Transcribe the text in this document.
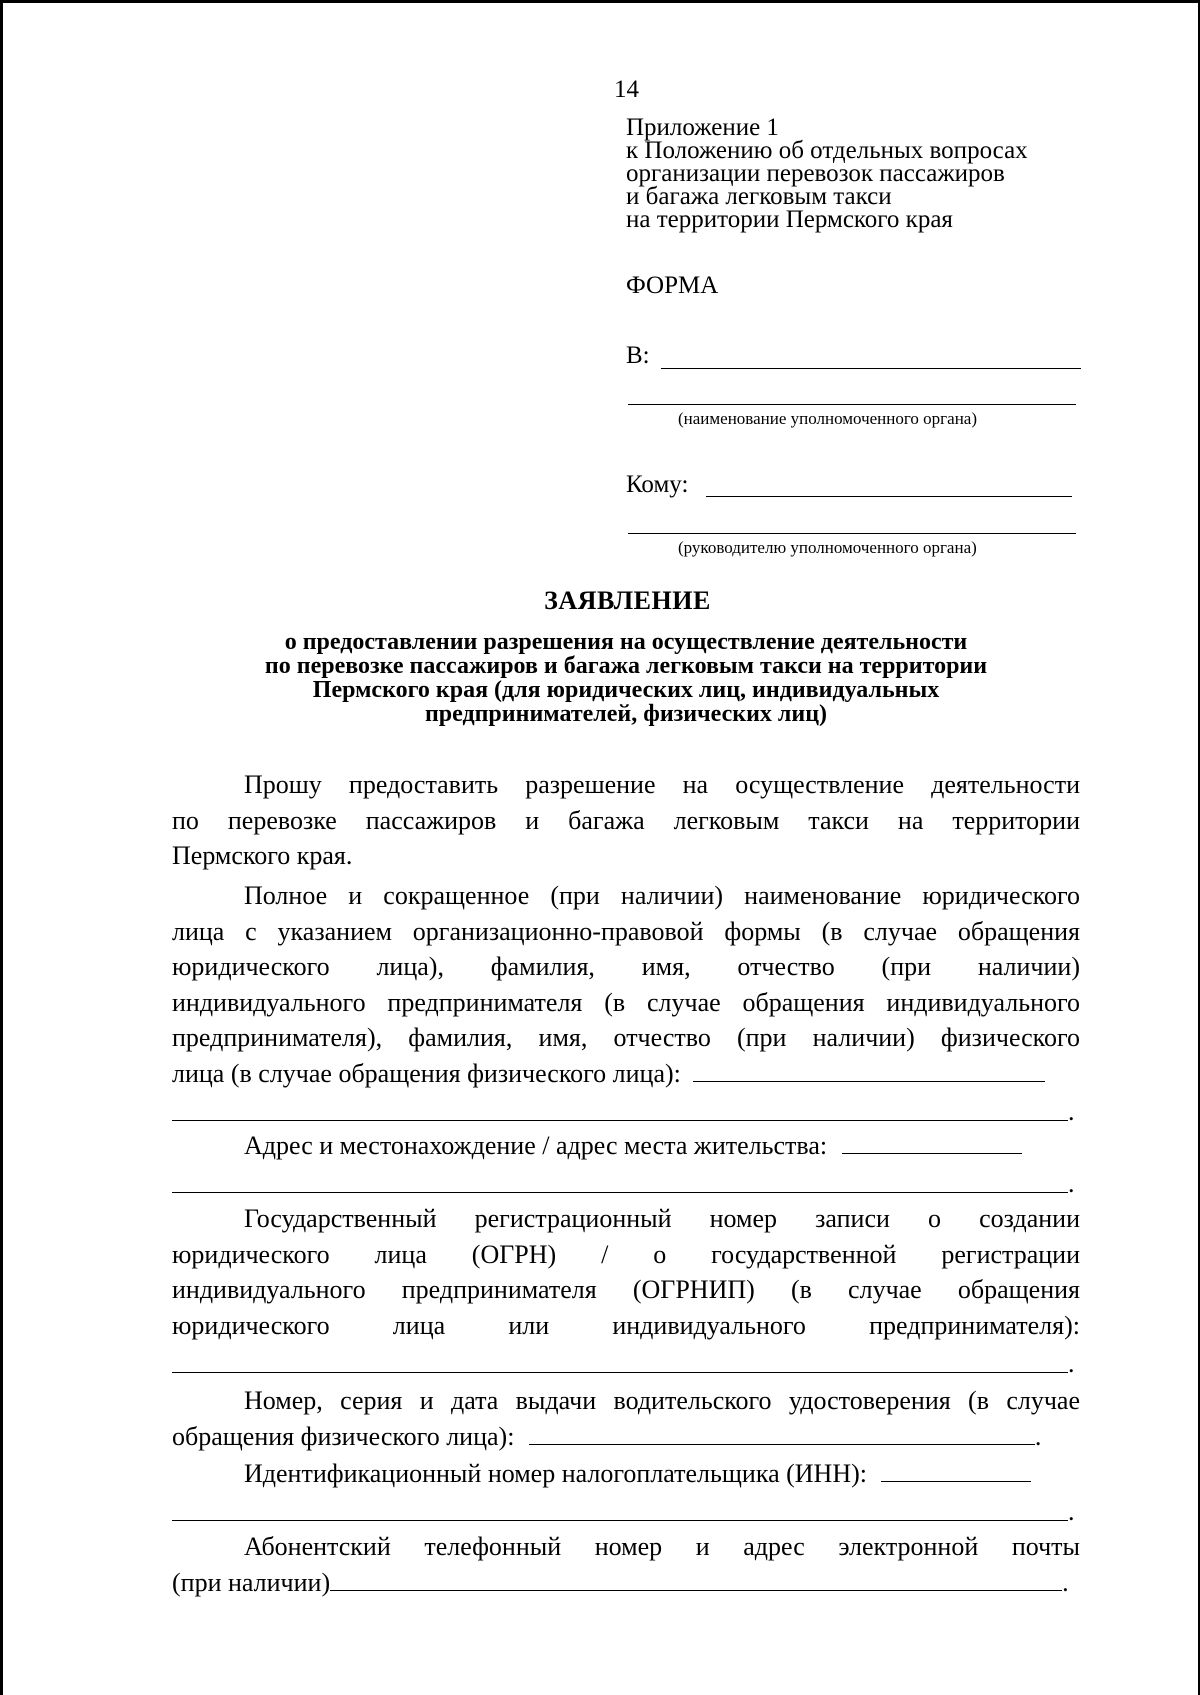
14
Приложение 1
к Положению об отдельных вопросах
организации перевозок пассажиров
и багажа легковым такси
на территории Пермского края
ФОРМА
В:
(наименование уполномоченного органа)
Кому:
(руководителю уполномоченного органа)
ЗАЯВЛЕНИЕ
о предоставлении разрешения на осуществление деятельности
по перевозке пассажиров и багажа легковым такси на территории
Пермского края (для юридических лиц, индивидуальных
предпринимателей, физических лиц)
Прошу предоставить разрешение на осуществление деятельности
по перевозке пассажиров и багажа легковым такси на территории
Пермского края.
Полное и сокращенное (при наличии) наименование юридического
лица с указанием организационно-правовой формы (в случае обращения
юридического лица), фамилия, имя, отчество (при наличии)
индивидуального предпринимателя (в случае обращения индивидуального
предпринимателя), фамилия, имя, отчество (при наличии) физического
лица (в случае обращения физического лица):
.
Адрес и местонахождение / адрес места жительства:
.
Государственный регистрационный номер записи о создании
юридического лица (ОГРН) / о государственной регистрации
индивидуального предпринимателя (ОГРНИП) (в случае обращения
юридического лица или индивидуального предпринимателя):
.
Номер, серия и дата выдачи водительского удостоверения (в случае
обращения физического лица):	.
Идентификационный номер налогоплательщика (ИНН):
.
Абонентский телефонный номер и адрес электронной почты
(при наличии)	.
